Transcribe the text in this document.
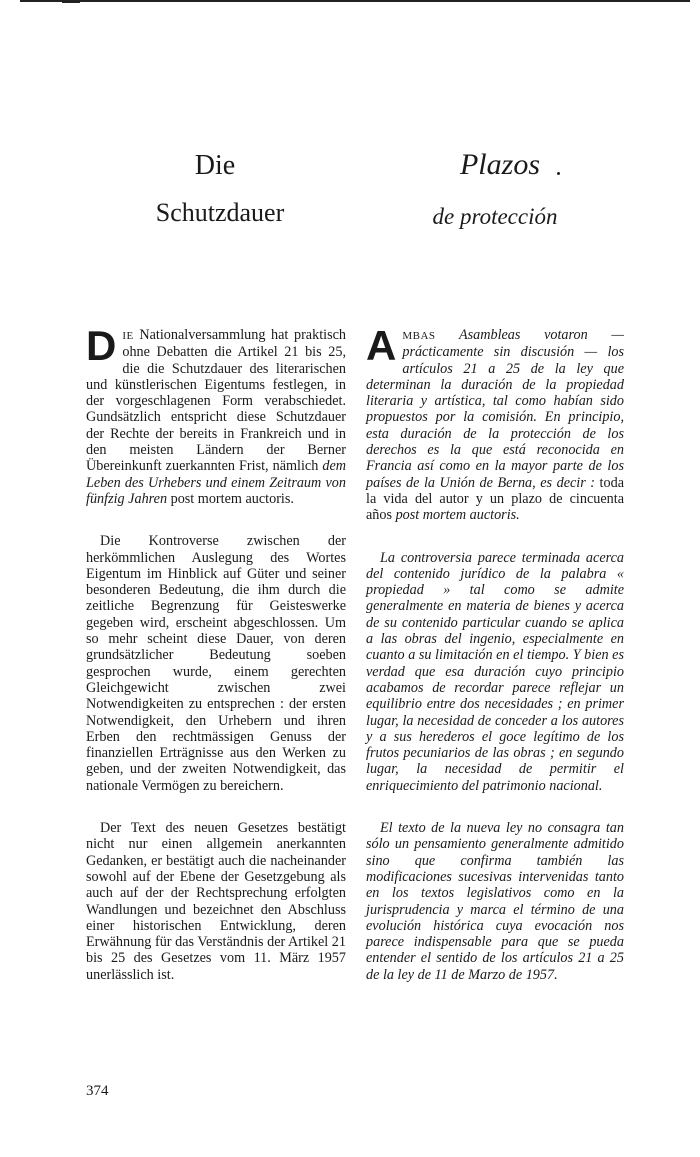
Die
Schutzdauer
Plazos
de protección

DIE Nationalversammlung hat praktisch ohne Debatten die Artikel 21 bis 25, die die Schutzdauer des literarischen und künstlerischen Eigentums festlegen, in der vorgeschlagenen Form verabschiedet. Gundsätzlich entspricht diese Schutzdauer der Rechte der bereits in Frankreich und in den meisten Ländern der Berner Übereinkunft zuerkannten Frist, nämlich dem Leben des Urhebers und einem Zeitraum von fünfzig Jahren post mortem auctoris.

Die Kontroverse zwischen der herkömmlichen Auslegung des Wortes Eigentum im Hinblick auf Güter und seiner besonderen Bedeutung, die ihm durch die zeitliche Begrenzung für Geisteswerke gegeben wird, erscheint abgeschlossen. Um so mehr scheint diese Dauer, von deren grundsätzlicher Bedeutung soeben gesprochen wurde, einem gerechten Gleichgewicht zwischen zwei Notwendigkeiten zu entsprechen : der ersten Notwendigkeit, den Urhebern und ihren Erben den rechtmässigen Genuss der finanziellen Erträgnisse aus den Werken zu geben, und der zweiten Notwendigkeit, das nationale Vermögen zu bereichern.

Der Text des neuen Gesetzes bestätigt nicht nur einen allgemein anerkannten Gedanken, er bestätigt auch die nacheinander sowohl auf der Ebene der Gesetzgebung als auch auf der der Rechtsprechung erfolgten Wandlungen und bezeichnet den Abschluss einer historischen Entwicklung, deren Erwähnung für das Verständnis der Artikel 21 bis 25 des Gesetzes vom 11. März 1957 unerlässlich ist.

AMBAS Asambleas votaron — prácticamente sin discusión — los artículos 21 a 25 de la ley que determinan la duración de la propiedad literaria y artística, tal como habían sido propuestos por la comisión. En principio, esta duración de la protección de los derechos es la que está reconocida en Francia así como en la mayor parte de los países de la Unión de Berna, es decir : toda la vida del autor y un plazo de cincuenta años post mortem auctoris.

La controversia parece terminada acerca del contenido jurídico de la palabra « propiedad » tal como se admite generalmente en materia de bienes y acerca de su contenido particular cuando se aplica a las obras del ingenio, especialmente en cuanto a su limitación en el tiempo. Y bien es verdad que esa duración cuyo principio acabamos de recordar parece reflejar un equilibrio entre dos necesidades ; en primer lugar, la necesidad de conceder a los autores y a sus herederos el goce legítimo de los frutos pecuniarios de las obras ; en segundo lugar, la necesidad de permitir el enriquecimiento del patrimonio nacional.

El texto de la nueva ley no consagra tan sólo un pensamiento generalmente admitido sino que confirma también las modificaciones sucesivas intervenidas tanto en los textos legislativos como en la jurisprudencia y marca el término de una evolución histórica cuya evocación nos parece indispensable para que se pueda entender el sentido de los artículos 21 a 25 de la ley de 11 de Marzo de 1957.

374
